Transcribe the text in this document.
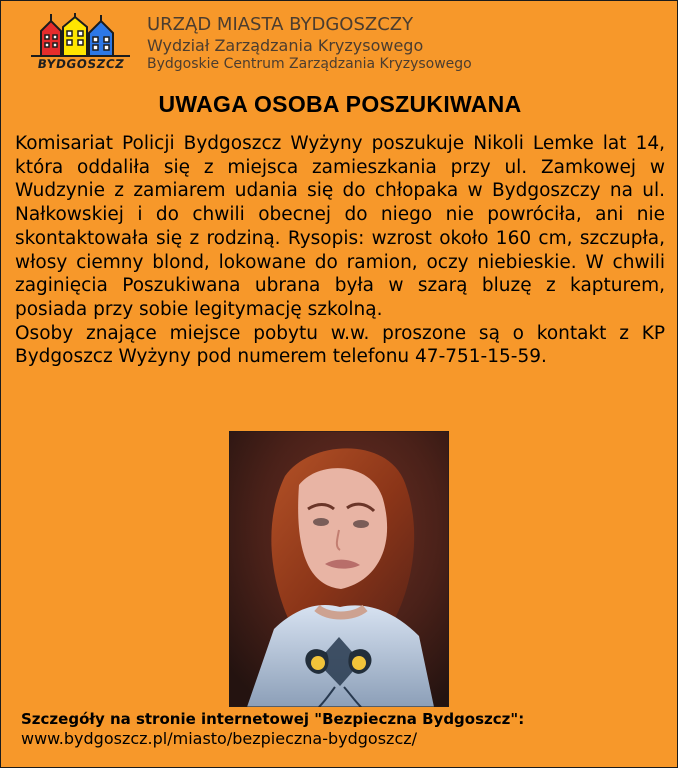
BYDGOSZCZ
URZĄD MIASTA BYDGOSZCZY
Wydział Zarządzania Kryzysowego
Bydgoskie Centrum Zarządzania Kryzysowego
UWAGA OSOBA POSZUKIWANA

Komisariat Policji Bydgoszcz Wyżyny poszukuje Nikoli Lemke lat 14, która oddaliła się z miejsca zamieszkania przy ul. Zamkowej w Wudzynie z zamiarem udania się do chłopaka w Bydgoszczy na ul. Nałkowskiej i do chwili obecnej do niego nie powróciła, ani nie skontaktowała się z rodziną. Rysopis: wzrost około 160 cm, szczupła, włosy ciemny blond, lokowane do ramion, oczy niebieskie. W chwili zaginięcia Poszukiwana ubrana była w szarą bluzę z kapturem, posiada przy sobie legitymację szkolną.

Osoby znające miejsce pobytu w.w. proszone są o kontakt z KP Bydgoszcz Wyżyny pod numerem telefonu 47-751-15-59.

Szczegóły na stronie internetowej "Bezpieczna Bydgoszcz":
www.bydgoszcz.pl/miasto/bezpieczna-bydgoszcz/
